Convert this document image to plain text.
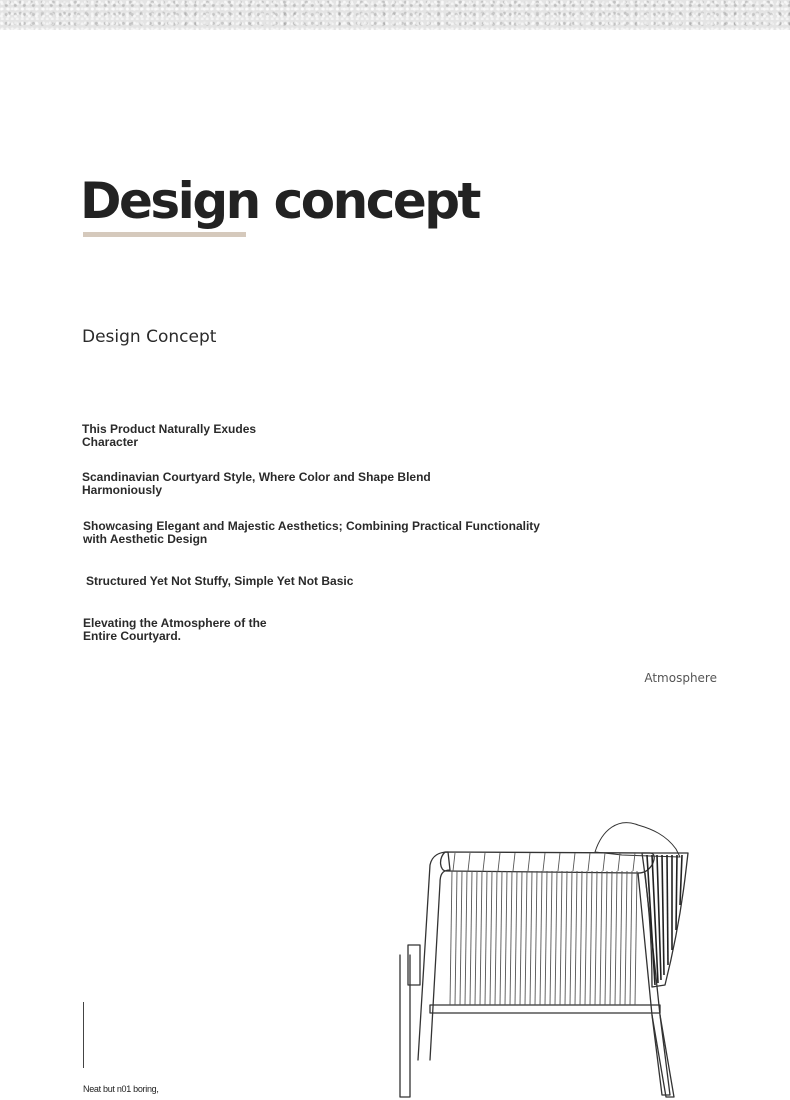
Design concept
Design Concept

This Product Naturally Exudes Character

Scandinavian Courtyard Style, Where Color and Shape Blend Harmoniously

Showcasing Elegant and Majestic Aesthetics; Combining Practical Functionality with Aesthetic Design

Structured Yet Not Stuffy, Simple Yet Not Basic

Elevating the Atmosphere of the Entire Courtyard.

Atmosphere

Neat but n01 boring,
